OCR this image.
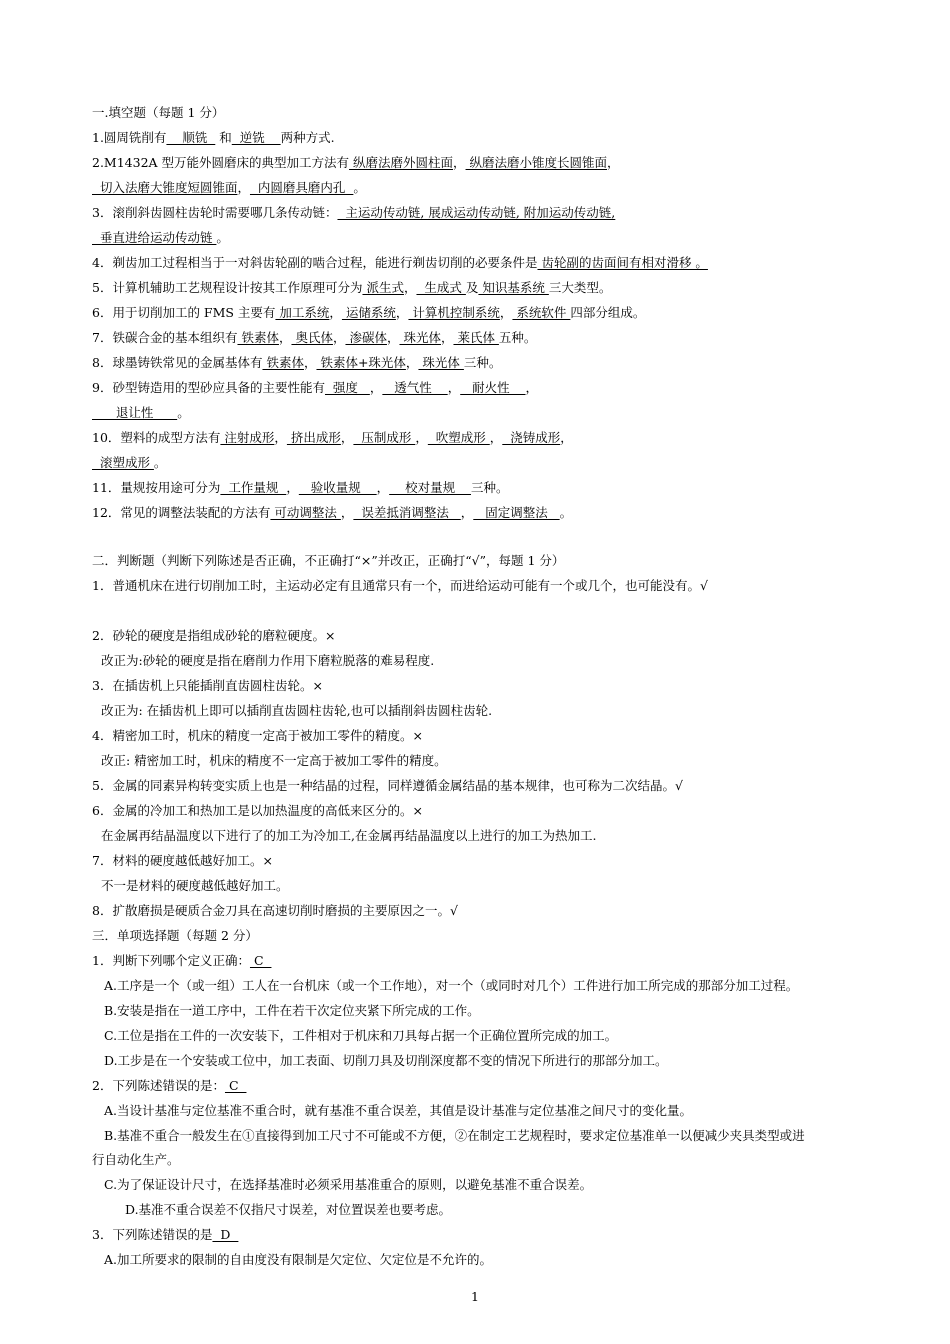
一.填空题（每题 1 分）
1.圆周铣削有    顺铣   和  逆铣    两种方式.
2.M1432A 型万能外圆磨床的典型加工方法有 纵磨法磨外圆柱面， 纵磨法磨小锥度长圆锥面，
切入法磨大锥度短圆锥面，  内圆磨具磨内孔  。
3．滚削斜齿圆柱齿轮时需要哪几条传动链：  主运动传动链, 展成运动传动链, 附加运动传动链,
垂直进给运动传动链 。
4．剃齿加工过程相当于一对斜齿轮副的啮合过程，能进行剃齿切削的必要条件是 齿轮副的齿面间有相对滑移 。
5．计算机辅助工艺规程设计按其工作原理可分为 派生式，  生成式 及 知识基系统 三大类型。
6．用于切削加工的 FMS 主要有 加工系统， 运储系统， 计算机控制系统， 系统软件 四部分组成。
7．铁碳合金的基本组织有 铁素体， 奥氏体， 渗碳体， 珠光体， 莱氏体 五种。
8．球墨铸铁常见的金属基体有 铁素体， 铁素体+珠光体， 珠光体 三种。
9．砂型铸造用的型砂应具备的主要性能有  强度   ，   透气性    ，   耐火性    ，
退让性      。
10．塑料的成型方法有 注射成形， 挤出成形，  压制成形 ，  吹塑成形 ，  浇铸成形，
滚塑成形 。
11．量规按用途可分为  工作量规  ，   验收量规    ，    校对量规    三种。
12．常见的调整法装配的方法有 可动调整法 ，  误差抵消调整法   ，   固定调整法   。
二．判断题（判断下列陈述是否正确，不正确打“×”并改正，正确打“√”，每题 1 分）
1．普通机床在进行切削加工时，主运动必定有且通常只有一个，而进给运动可能有一个或几个，也可能没有。√
2．砂轮的硬度是指组成砂轮的磨粒硬度。×
改正为:砂轮的硬度是指在磨削力作用下磨粒脱落的难易程度.
3．在插齿机上只能插削直齿圆柱齿轮。×
改正为: 在插齿机上即可以插削直齿圆柱齿轮,也可以插削斜齿圆柱齿轮.
4．精密加工时，机床的精度一定高于被加工零件的精度。×
改正: 精密加工时，机床的精度不一定高于被加工零件的精度。
5．金属的同素异构转变实质上也是一种结晶的过程，同样遵循金属结晶的基本规律，也可称为二次结晶。√
6．金属的冷加工和热加工是以加热温度的高低来区分的。×
在金属再结晶温度以下进行了的加工为冷加工,在金属再结晶温度以上进行的加工为热加工.
7．材料的硬度越低越好加工。×
不一是材料的硬度越低越好加工。
8．扩散磨损是硬质合金刀具在高速切削时磨损的主要原因之一。√
三．单项选择题（每题 2 分）
1．判断下列哪个定义正确： C
A.工序是一个（或一组）工人在一台机床（或一个工作地），对一个（或同时对几个）工件进行加工所完成的那部分加工过程。
B.安装是指在一道工序中，工件在若干次定位夹紧下所完成的工作。
C.工位是指在工件的一次安装下，工件相对于机床和刀具每占据一个正确位置所完成的加工。
D.工步是在一个安装或工位中，加工表面、切削刀具及切削深度都不变的情况下所进行的那部分加工。
2．下列陈述错误的是： C
A.当设计基准与定位基准不重合时，就有基准不重合误差，其值是设计基准与定位基准之间尺寸的变化量。
B.基准不重合一般发生在①直接得到加工尺寸不可能或不方便，②在制定工艺规程时，要求定位基准单一以便减少夹具类型或进
行自动化生产。
C.为了保证设计尺寸，在选择基准时必须采用基准重合的原则，以避免基准不重合误差。
D.基准不重合误差不仅指尺寸误差，对位置误差也要考虑。
3．下列陈述错误的是  D
A.加工所要求的限制的自由度没有限制是欠定位、欠定位是不允许的。
1
